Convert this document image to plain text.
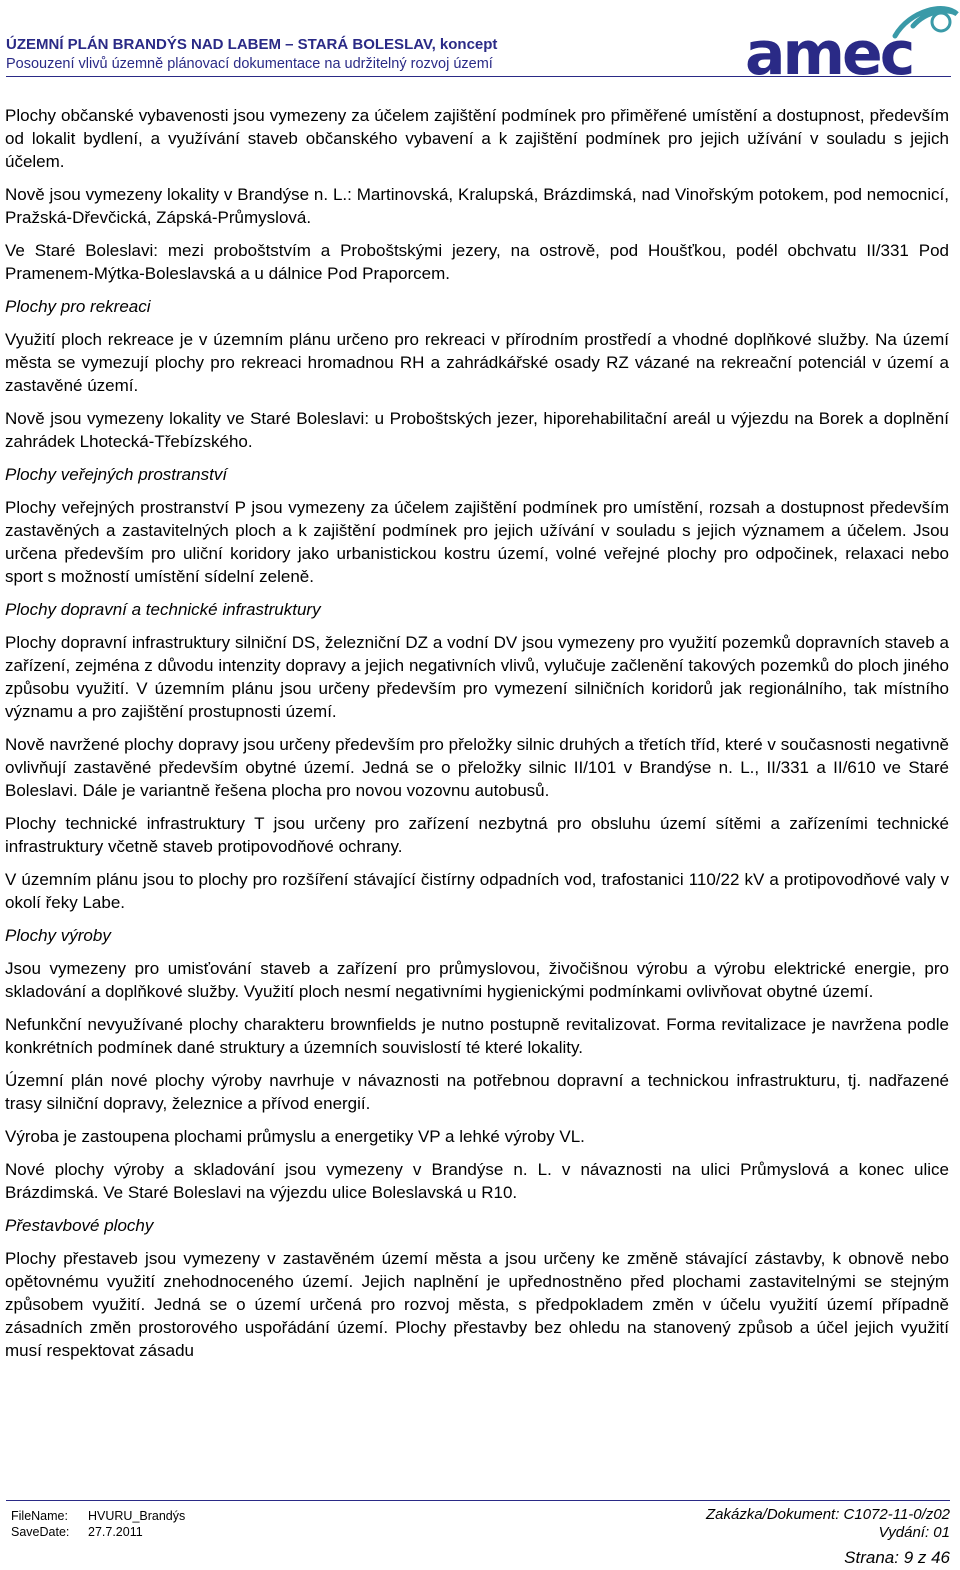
ÚZEMNÍ PLÁN BRANDÝS NAD LABEM – STARÁ BOLESLAV, koncept
Posouzení vlivů územně plánovací dokumentace na udržitelný rozvoj území	amec

Plochy občanské vybavenosti jsou vymezeny za účelem zajištění podmínek pro přiměřené umístění a dostupnost, především od lokalit bydlení, a využívání staveb občanského vybavení a k zajištění podmínek pro jejich užívání v souladu s jejich účelem.

Nově jsou vymezeny lokality v Brandýse n. L.: Martinovská, Kralupská, Brázdimská, nad Vinořským potokem, pod nemocnicí, Pražská-Dřevčická, Zápská-Průmyslová.

Ve Staré Boleslavi: mezi proboštstvím a Proboštskými jezery, na ostrově, pod Houšťkou, podél obchvatu II/331 Pod Pramenem-Mýtka-Boleslavská a u dálnice Pod Praporcem.

Plochy pro rekreaci

Využití ploch rekreace je v územním plánu určeno pro rekreaci v přírodním prostředí a vhodné doplňkové služby. Na území města se vymezují plochy pro rekreaci hromadnou RH a zahrádkářské osady RZ vázané na rekreační potenciál v území a zastavěné území.

Nově jsou vymezeny lokality ve Staré Boleslavi: u Proboštských jezer, hiporehabilitační areál u výjezdu na Borek a doplnění zahrádek Lhotecká-Třebízského.

Plochy veřejných prostranství

Plochy veřejných prostranství P jsou vymezeny za účelem zajištění podmínek pro umístění, rozsah a dostupnost především zastavěných a zastavitelných ploch a k zajištění podmínek pro jejich užívání v souladu s jejich významem a účelem. Jsou určena především pro uliční koridory jako urbanistickou kostru území, volné veřejné plochy pro odpočinek, relaxaci nebo sport s možností umístění sídelní zeleně.

Plochy dopravní a technické infrastruktury

Plochy dopravní infrastruktury silniční DS, železniční DZ a vodní DV jsou vymezeny pro využití pozemků dopravních staveb a zařízení, zejména z důvodu intenzity dopravy a jejich negativních vlivů, vylučuje začlenění takových pozemků do ploch jiného způsobu využití. V územním plánu jsou určeny především pro vymezení silničních koridorů jak regionálního, tak místního významu a pro zajištění prostupnosti území.

Nově navržené plochy dopravy jsou určeny především pro přeložky silnic druhých a třetích tříd, které v současnosti negativně ovlivňují zastavěné především obytné území. Jedná se o přeložky silnic II/101 v Brandýse n. L., II/331 a II/610 ve Staré Boleslavi. Dále je variantně řešena plocha pro novou vozovnu autobusů.

Plochy technické infrastruktury T jsou určeny pro zařízení nezbytná pro obsluhu území sítěmi a zařízeními technické infrastruktury včetně staveb protipovodňové ochrany.

V územním plánu jsou to plochy pro rozšíření stávající čistírny odpadních vod, trafostanici 110/22 kV a protipovodňové valy v okolí řeky Labe.

Plochy výroby

Jsou vymezeny pro umisťování staveb a zařízení pro průmyslovou, živočišnou výrobu a výrobu elektrické energie, pro skladování a doplňkové služby. Využití ploch nesmí negativními hygienickými podmínkami ovlivňovat obytné území.

Nefunkční nevyužívané plochy charakteru brownfields je nutno postupně revitalizovat. Forma revitalizace je navržena podle konkrétních podmínek dané struktury a územních souvislostí té které lokality.

Územní plán nové plochy výroby navrhuje v návaznosti na potřebnou dopravní a technickou infrastrukturu, tj. nadřazené trasy silniční dopravy, železnice a přívod energií.

Výroba je zastoupena plochami průmyslu a energetiky VP a lehké výroby VL.

Nové plochy výroby a skladování jsou vymezeny v Brandýse n. L. v návaznosti na ulici Průmyslová a konec ulice Brázdimská. Ve Staré Boleslavi na výjezdu ulice Boleslavská u R10.

Přestavbové plochy

Plochy přestaveb jsou vymezeny v zastavěném území města a jsou určeny ke změně stávající zástavby, k obnově nebo opětovnému využití znehodnoceného území. Jejich naplnění je upřednostněno před plochami zastavitelnými se stejným způsobem využití. Jedná se o území určená pro rozvoj města, s předpokladem změn v účelu využití území případně zásadních změn prostorového uspořádání území. Plochy přestavby bez ohledu na stanovený způsob a účel jejich využití musí respektovat zásadu

FileName: HVURU_Brandýs
SaveDate: 27.7.2011
Zakázka/Dokument: C1072-11-0/z02
Vydání: 01
Strana: 9 z 46
